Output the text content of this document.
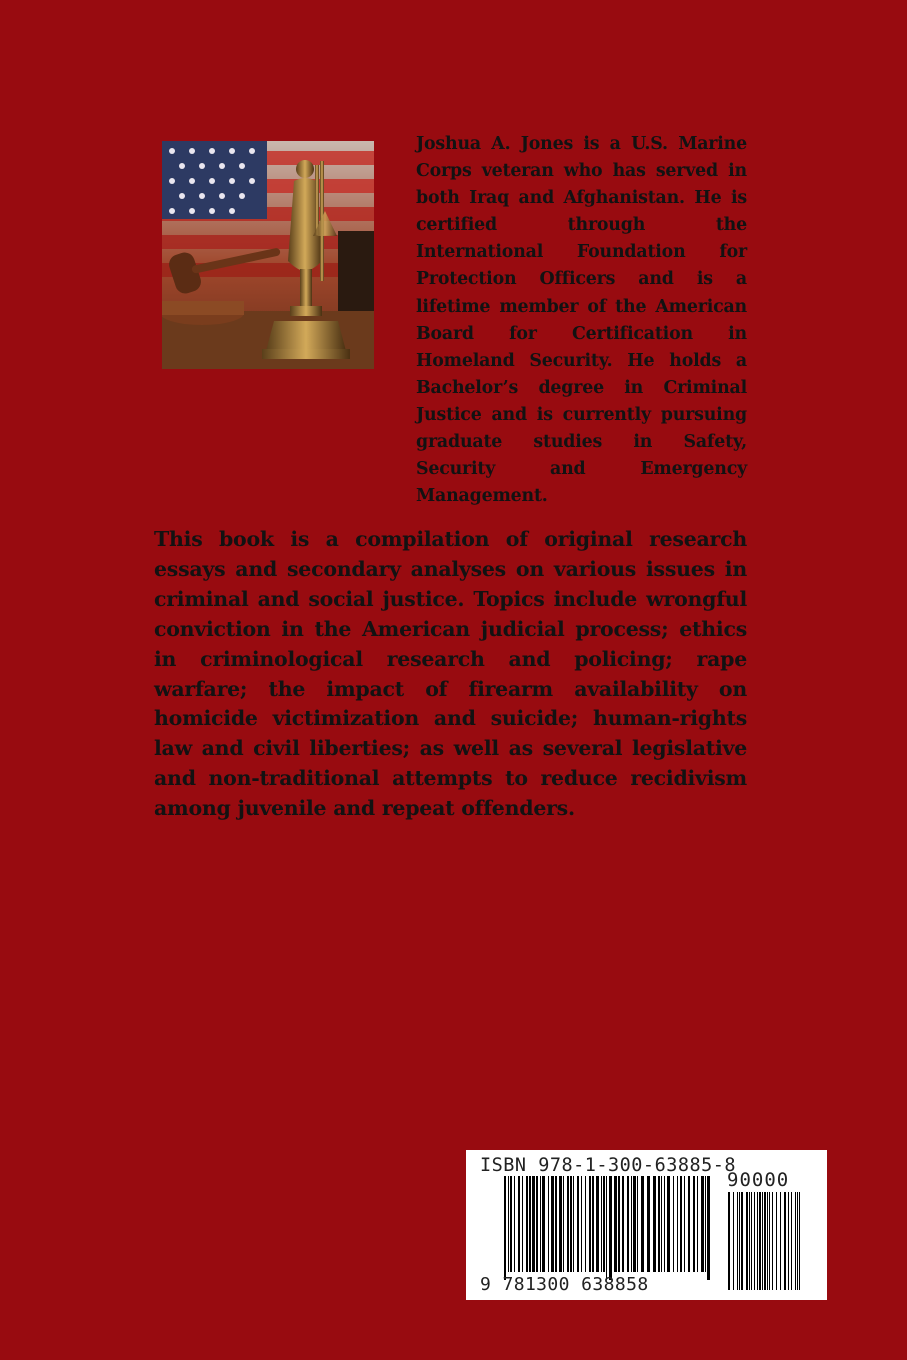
Joshua A. Jones is a U.S. Marine Corps veteran who has served in both Iraq and Afghanistan. He is certified through the International Foundation for Protection Officers and is a lifetime member of the American Board for Certification in Homeland Security. He holds a Bachelor’s degree in Criminal Justice and is currently pursuing graduate studies in Safety, Security and Emergency Management.
This book is a compilation of original research essays and secondary analyses on various issues in criminal and social justice. Topics include wrongful conviction in the American judicial process; ethics in criminological research and policing; rape warfare; the impact of firearm availability on homicide victimization and suicide; human-rights law and civil liberties; as well as several legislative and non-traditional attempts to reduce recidivism among juvenile and repeat offenders.
ISBN 978-1-300-63885-8
90000
9 781300 638858
